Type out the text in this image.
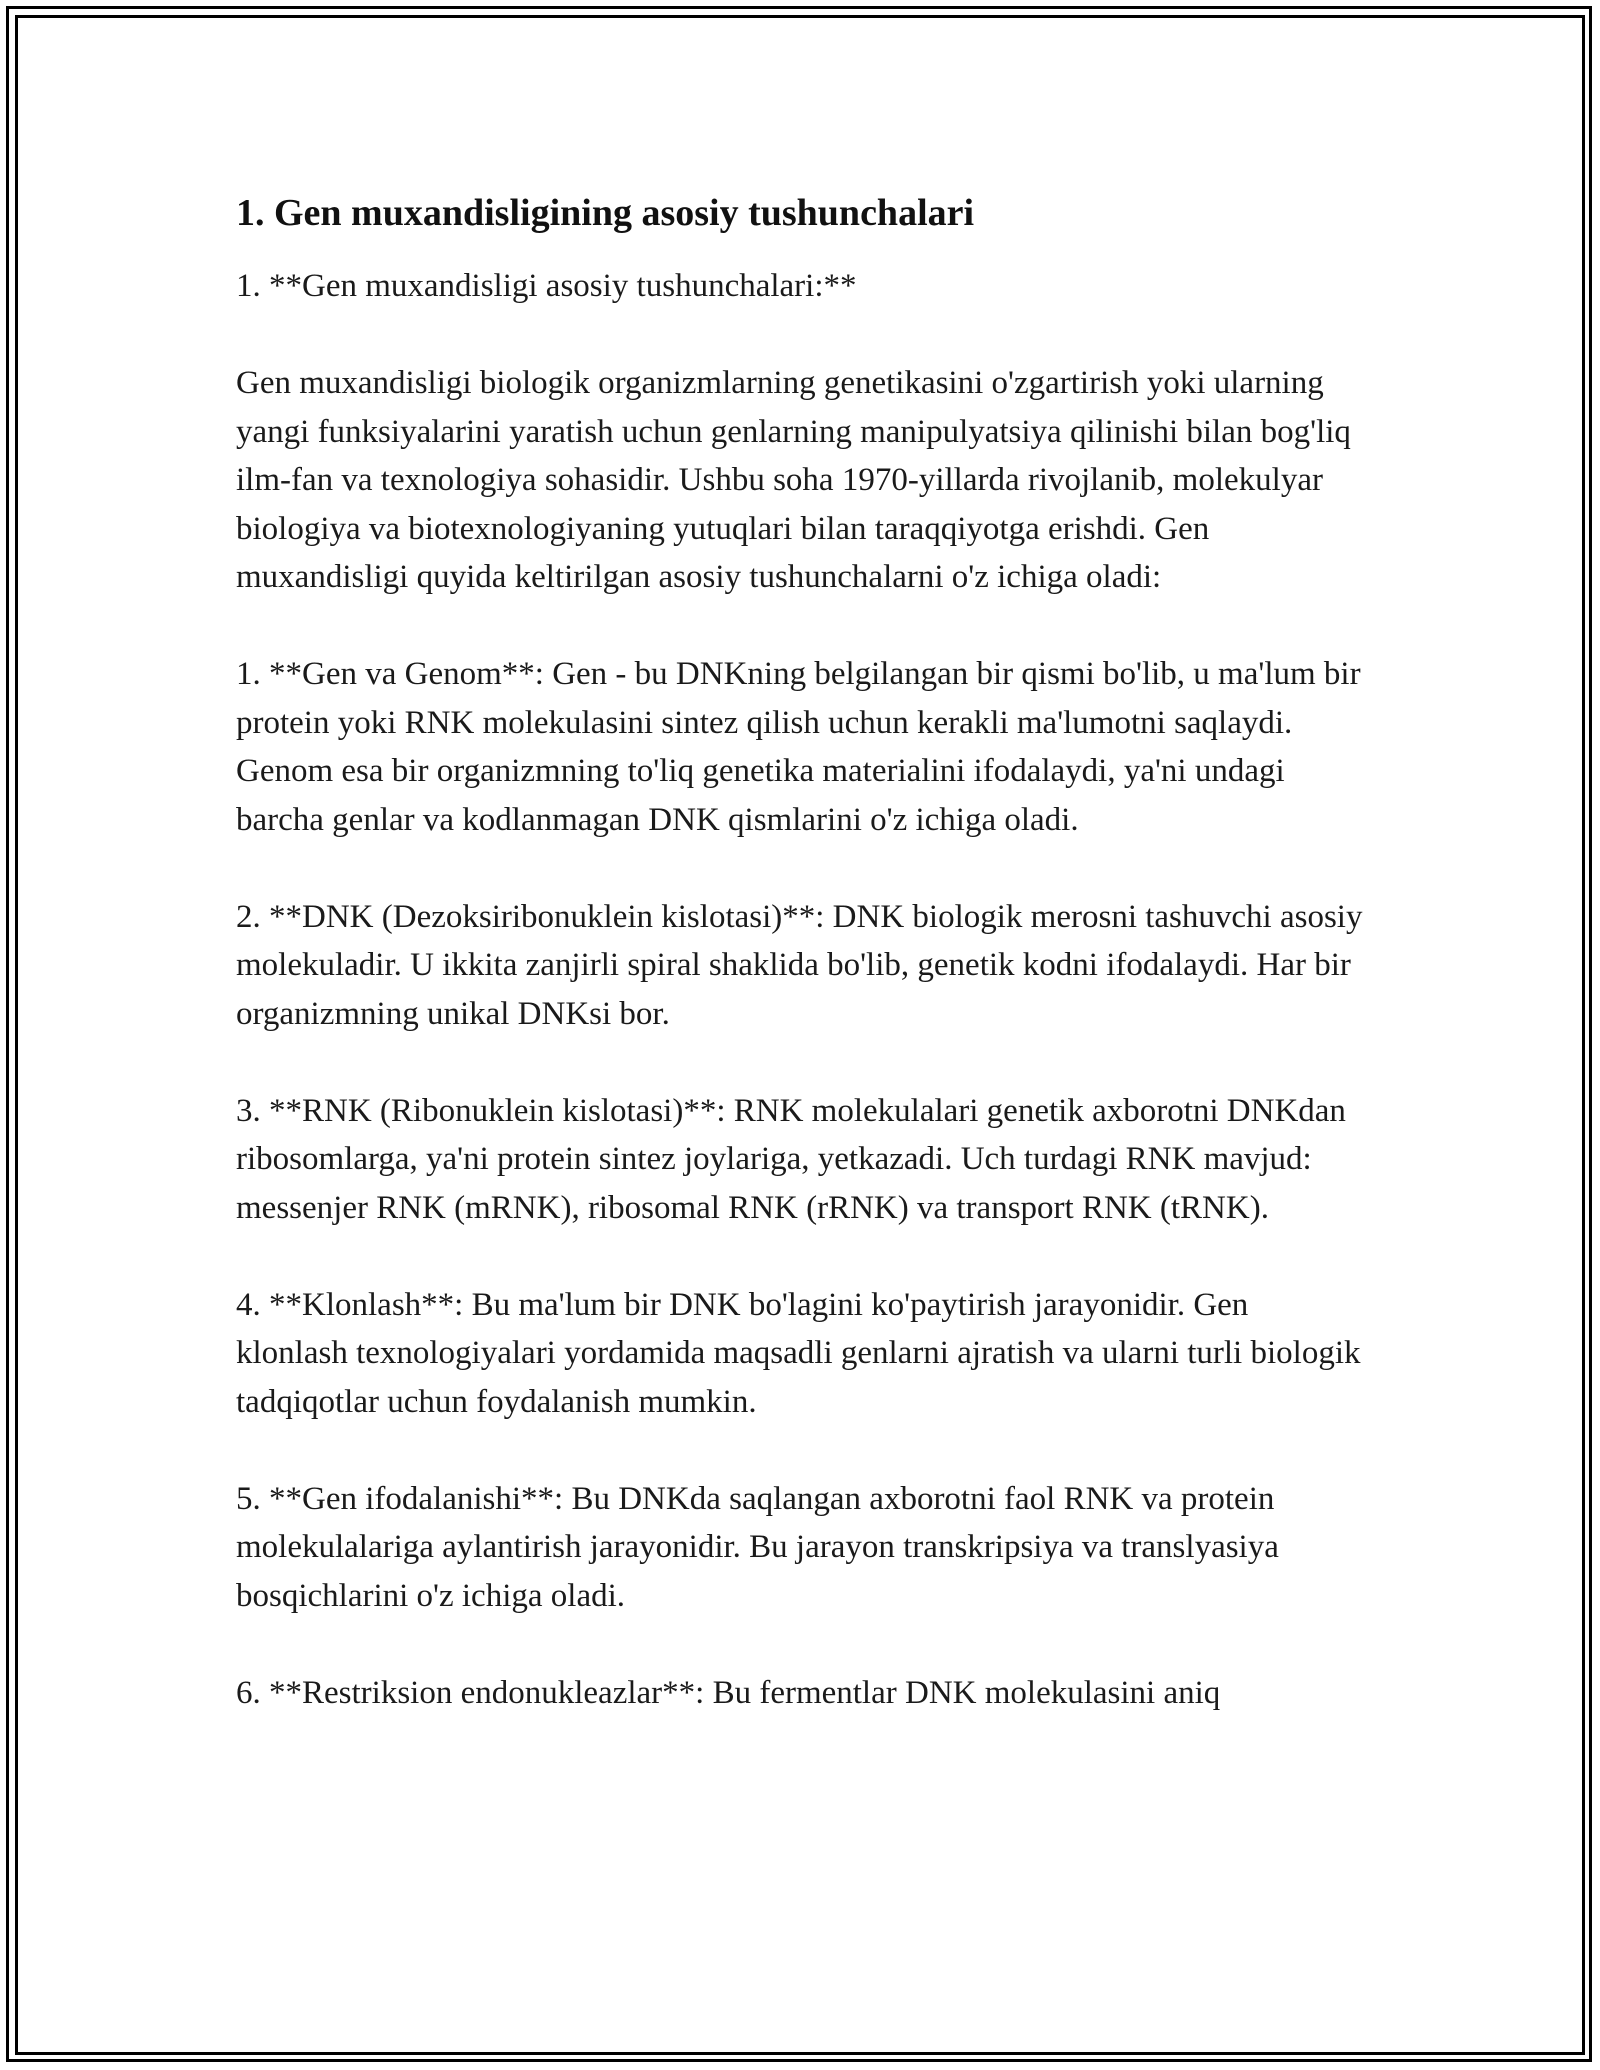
1. Gen muxandisligining asosiy tushunchalari

1. **Gen muxandisligi asosiy tushunchalari:**

Gen muxandisligi biologik organizmlarning genetikasini o'zgartirish yoki ularning yangi funksiyalarini yaratish uchun genlarning manipulyatsiya qilinishi bilan bog'liq ilm-fan va texnologiya sohasidir. Ushbu soha 1970-yillarda rivojlanib, molekulyar biologiya va biotexnologiyaning yutuqlari bilan taraqqiyotga erishdi. Gen muxandisligi quyida keltirilgan asosiy tushunchalarni o'z ichiga oladi:

1. **Gen va Genom**: Gen - bu DNKning belgilangan bir qismi bo'lib, u ma'lum bir protein yoki RNK molekulasini sintez qilish uchun kerakli ma'lumotni saqlaydi. Genom esa bir organizmning to'liq genetika materialini ifodalaydi, ya'ni undagi barcha genlar va kodlanmagan DNK qismlarini o'z ichiga oladi.

2. **DNK (Dezoksiribonuklein kislotasi)**: DNK biologik merosni tashuvchi asosiy molekuladir. U ikkita zanjirli spiral shaklida bo'lib, genetik kodni ifodalaydi. Har bir organizmning unikal DNKsi bor.

3. **RNK (Ribonuklein kislotasi)**: RNK molekulalari genetik axborotni DNKdan ribosomlarga, ya'ni protein sintez joylariga, yetkazadi. Uch turdagi RNK mavjud: messenjer RNK (mRNK), ribosomal RNK (rRNK) va transport RNK (tRNK).

4. **Klonlash**: Bu ma'lum bir DNK bo'lagini ko'paytirish jarayonidir. Gen klonlash texnologiyalari yordamida maqsadli genlarni ajratish va ularni turli biologik tadqiqotlar uchun foydalanish mumkin.

5. **Gen ifodalanishi**: Bu DNKda saqlangan axborotni faol RNK va protein molekulalariga aylantirish jarayonidir. Bu jarayon transkripsiya va translyasiya bosqichlarini o'z ichiga oladi.

6. **Restriksion endonukleazlar**: Bu fermentlar DNK molekulasini aniq
